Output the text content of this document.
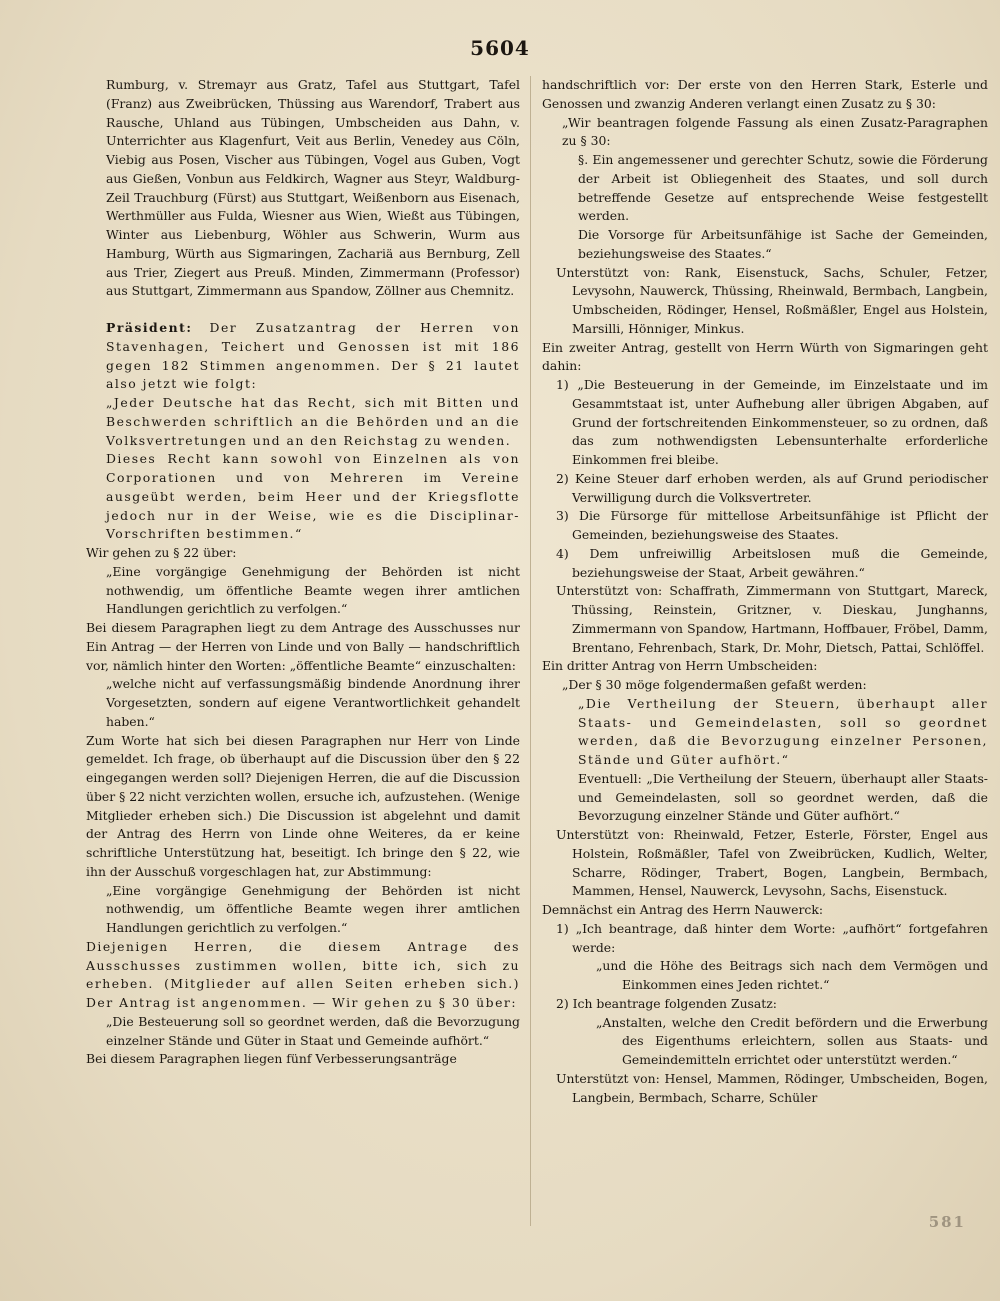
5604

Rumburg, v. Stremayr aus Gratz, Tafel aus Stuttgart, Tafel (Franz) aus Zweibrücken, Thüssing aus Warendorf, Trabert aus Rausche, Uhland aus Tübingen, Umbscheiden aus Dahn, v. Unterrichter aus Klagenfurt, Veit aus Berlin, Venedey aus Cöln, Viebig aus Posen, Vischer aus Tübingen, Vogel aus Guben, Vogt aus Gießen, Vonbun aus Feldkirch, Wagner aus Steyr, Waldburg-Zeil Trauchburg (Fürst) aus Stuttgart, Weißenborn aus Eisenach, Werthmüller aus Fulda, Wiesner aus Wien, Wießt aus Tübingen, Winter aus Liebenburg, Wöhler aus Schwerin, Wurm aus Hamburg, Würth aus Sigmaringen, Zachariä aus Bernburg, Zell aus Trier, Ziegert aus Preuß. Minden, Zimmermann (Professor) aus Stuttgart, Zimmermann aus Spandow, Zöllner aus Chemnitz.

Präsident: Der Zusatzantrag der Herren von Stavenhagen, Teichert und Genossen ist mit 186 gegen 182 Stimmen angenommen. Der § 21 lautet also jetzt wie folgt:

„Jeder Deutsche hat das Recht, sich mit Bitten und Beschwerden schriftlich an die Behörden und an die Volksvertretungen und an den Reichstag zu wenden.

Dieses Recht kann sowohl von Einzelnen als von Corporationen und von Mehreren im Vereine ausgeübt werden, beim Heer und der Kriegsflotte jedoch nur in der Weise, wie es die Disciplinar-Vorschriften bestimmen.“

Wir gehen zu § 22 über:

„Eine vorgängige Genehmigung der Behörden ist nicht nothwendig, um öffentliche Beamte wegen ihrer amtlichen Handlungen gerichtlich zu verfolgen.“

Bei diesem Paragraphen liegt zu dem Antrage des Ausschusses nur Ein Antrag — der Herren von Linde und von Bally — handschriftlich vor, nämlich hinter den Worten: „öffentliche Beamte“ einzuschalten:

„welche nicht auf verfassungsmäßig bindende Anordnung ihrer Vorgesetzten, sondern auf eigene Verantwortlichkeit gehandelt haben.“

Zum Worte hat sich bei diesen Paragraphen nur Herr von Linde gemeldet. Ich frage, ob überhaupt auf die Discussion über den § 22 eingegangen werden soll? Diejenigen Herren, die auf die Discussion über § 22 nicht verzichten wollen, ersuche ich, aufzustehen. (Wenige Mitglieder erheben sich.) Die Discussion ist abgelehnt und damit der Antrag des Herrn von Linde ohne Weiteres, da er keine schriftliche Unterstützung hat, beseitigt. Ich bringe den § 22, wie ihn der Ausschuß vorgeschlagen hat, zur Abstimmung:

„Eine vorgängige Genehmigung der Behörden ist nicht nothwendig, um öffentliche Beamte wegen ihrer amtlichen Handlungen gerichtlich zu verfolgen.“

Diejenigen Herren, die diesem Antrage des Ausschusses zustimmen wollen, bitte ich, sich zu erheben. (Mitglieder auf allen Seiten erheben sich.) Der Antrag ist angenommen. — Wir gehen zu § 30 über:

„Die Besteuerung soll so geordnet werden, daß die Bevorzugung einzelner Stände und Güter in Staat und Gemeinde aufhört.“

Bei diesem Paragraphen liegen fünf Verbesserungsanträge

handschriftlich vor: Der erste von den Herren Stark, Esterle und Genossen und zwanzig Anderen verlangt einen Zusatz zu § 30:

„Wir beantragen folgende Fassung als einen Zusatz-Paragraphen zu § 30:

§. Ein angemessener und gerechter Schutz, sowie die Förderung der Arbeit ist Obliegenheit des Staates, und soll durch betreffende Gesetze auf entsprechende Weise festgestellt werden.

Die Vorsorge für Arbeitsunfähige ist Sache der Gemeinden, beziehungsweise des Staates.“

Unterstützt von: Rank, Eisenstuck, Sachs, Schuler, Fetzer, Levysohn, Nauwerck, Thüssing, Rheinwald, Bermbach, Langbein, Umbscheiden, Rödinger, Hensel, Roßmäßler, Engel aus Holstein, Marsilli, Hönniger, Minkus.

Ein zweiter Antrag, gestellt von Herrn Würth von Sigmaringen geht dahin:

1) „Die Besteuerung in der Gemeinde, im Einzelstaate und im Gesammtstaat ist, unter Aufhebung aller übrigen Abgaben, auf Grund der fortschreitenden Einkommensteuer, so zu ordnen, daß das zum nothwendigsten Lebensunterhalte erforderliche Einkommen frei bleibe.

2) Keine Steuer darf erhoben werden, als auf Grund periodischer Verwilligung durch die Volksvertreter.

3) Die Fürsorge für mittellose Arbeitsunfähige ist Pflicht der Gemeinden, beziehungsweise des Staates.

4) Dem unfreiwillig Arbeitslosen muß die Gemeinde, beziehungsweise der Staat, Arbeit gewähren.“

Unterstützt von: Schaffrath, Zimmermann von Stuttgart, Mareck, Thüssing, Reinstein, Gritzner, v. Dieskau, Junghanns, Zimmermann von Spandow, Hartmann, Hoffbauer, Fröbel, Damm, Brentano, Fehrenbach, Stark, Dr. Mohr, Dietsch, Pattai, Schlöffel.

Ein dritter Antrag von Herrn Umbscheiden:

„Der § 30 möge folgendermaßen gefaßt werden:

„Die Vertheilung der Steuern, überhaupt aller Staats- und Gemeindelasten, soll so geordnet werden, daß die Bevorzugung einzelner Personen, Stände und Güter aufhört.“

Eventuell: „Die Vertheilung der Steuern, überhaupt aller Staats- und Gemeindelasten, soll so geordnet werden, daß die Bevorzugung einzelner Stände und Güter aufhört.“

Unterstützt von: Rheinwald, Fetzer, Esterle, Förster, Engel aus Holstein, Roßmäßler, Tafel von Zweibrücken, Kudlich, Welter, Scharre, Rödinger, Trabert, Bogen, Langbein, Bermbach, Mammen, Hensel, Nauwerck, Levysohn, Sachs, Eisenstuck.

Demnächst ein Antrag des Herrn Nauwerck:

1) „Ich beantrage, daß hinter dem Worte: „aufhört“ fortgefahren werde:

„und die Höhe des Beitrags sich nach dem Vermögen und Einkommen eines Jeden richtet.“

2) Ich beantrage folgenden Zusatz:

„Anstalten, welche den Credit befördern und die Erwerbung des Eigenthums erleichtern, sollen aus Staats- und Gemeindemitteln errichtet oder unterstützt werden.“

Unterstützt von: Hensel, Mammen, Rödinger, Umbscheiden, Bogen, Langbein, Bermbach, Scharre, Schüler

581
